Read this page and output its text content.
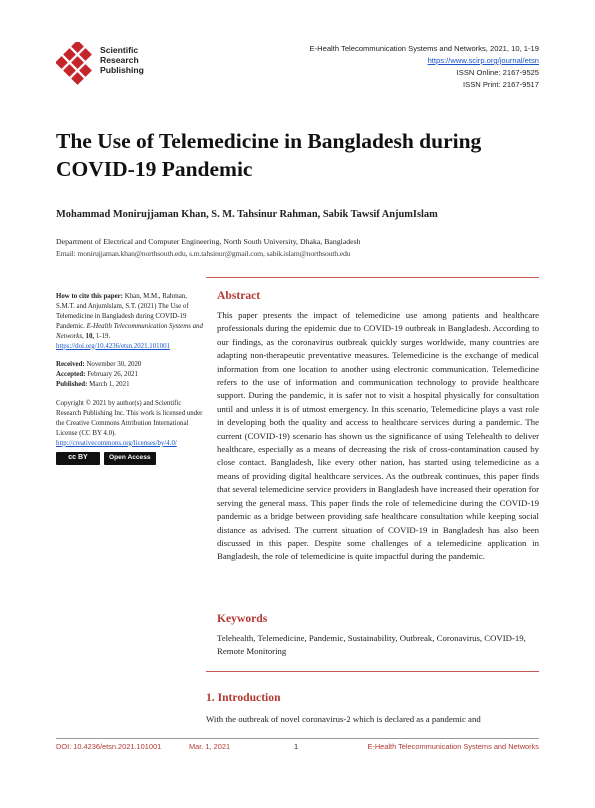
Scientific
Research
Publishing
E-Health Telecommunication Systems and Networks, 2021, 10, 1-19
https://www.scirp.org/journal/etsn
ISSN Online: 2167-9525
ISSN Print: 2167-9517
The Use of Telemedicine in Bangladesh during COVID-19 Pandemic
Mohammad Monirujjaman Khan, S. M. Tahsinur Rahman, Sabik Tawsif AnjumIslam
Department of Electrical and Computer Engineering, North South University, Dhaka, Bangladesh
Email: monirujjaman.khan@northsouth.edu, s.m.tahsinur@gmail.com, sabik.islam@northsouth.edu

How to cite this paper: Khan, M.M., Rahman, S.M.T. and Anjumlslam, S.T. (2021) The Use of Telemedicine in Bangladesh during COVID-19 Pandemic. E-Health Telecommunication Systems and Networks, 10, 1-19.

https://doi.org/10.4236/etsn.2021.101001

Received: November 30, 2020

Accepted: February 26, 2021

Published: March 1, 2021

Copyright © 2021 by author(s) and Scientific Research Publishing Inc. This work is licensed under the Creative Commons Attribution International License (CC BY 4.0).

http://creativecommons.org/licenses/by/4.0/

cc BY	Open Access
Abstract
This paper presents the impact of telemedicine use among patients and healthcare professionals during the epidemic due to COVID-19 outbreak in Bangladesh. According to our findings, as the coronavirus outbreak quickly surges worldwide, many countries are adapting non-therapeutic preventative measures. Telemedicine is the exchange of medical information from one location to another using electronic communication. Telemedicine refers to the use of information and communication technology to provide healthcare support. During the pandemic, it is safer not to visit a hospital physically for consultation until and unless it is of utmost emergency. In this scenario, Telemedicine plays a vast role in developing both the quality and access to healthcare services during a pandemic. The current (COVID-19) scenario has shown us the significance of using Telehealth to deliver healthcare, especially as a means of decreasing the risk of cross-contamination caused by close contact. Bangladesh, like every other nation, has started using telemedicine as a means of providing digital healthcare services. As the outbreak continues, this paper finds that several telemedicine service providers in Bangladesh have increased their operation for serving the general mass. This paper finds the role of telemedicine during the COVID-19 pandemic as a bridge between providing safe healthcare consultation while keeping social distance as advised. The current situation of COVID-19 in Bangladesh has also been discussed in this paper. Despite some challenges of a telemedicine application in Bangladesh, the role of telemedicine is quite impactful during the pandemic.
Keywords
Telehealth, Telemedicine, Pandemic, Sustainability, Outbreak, Coronavirus, COVID-19, Remote Monitoring
1. Introduction
With the outbreak of novel coronavirus-2 which is declared as a pandemic and
DOI: 10.4236/etsn.2021.101001	Mar. 1, 2021	1	E-Health Telecommunication Systems and Networks
